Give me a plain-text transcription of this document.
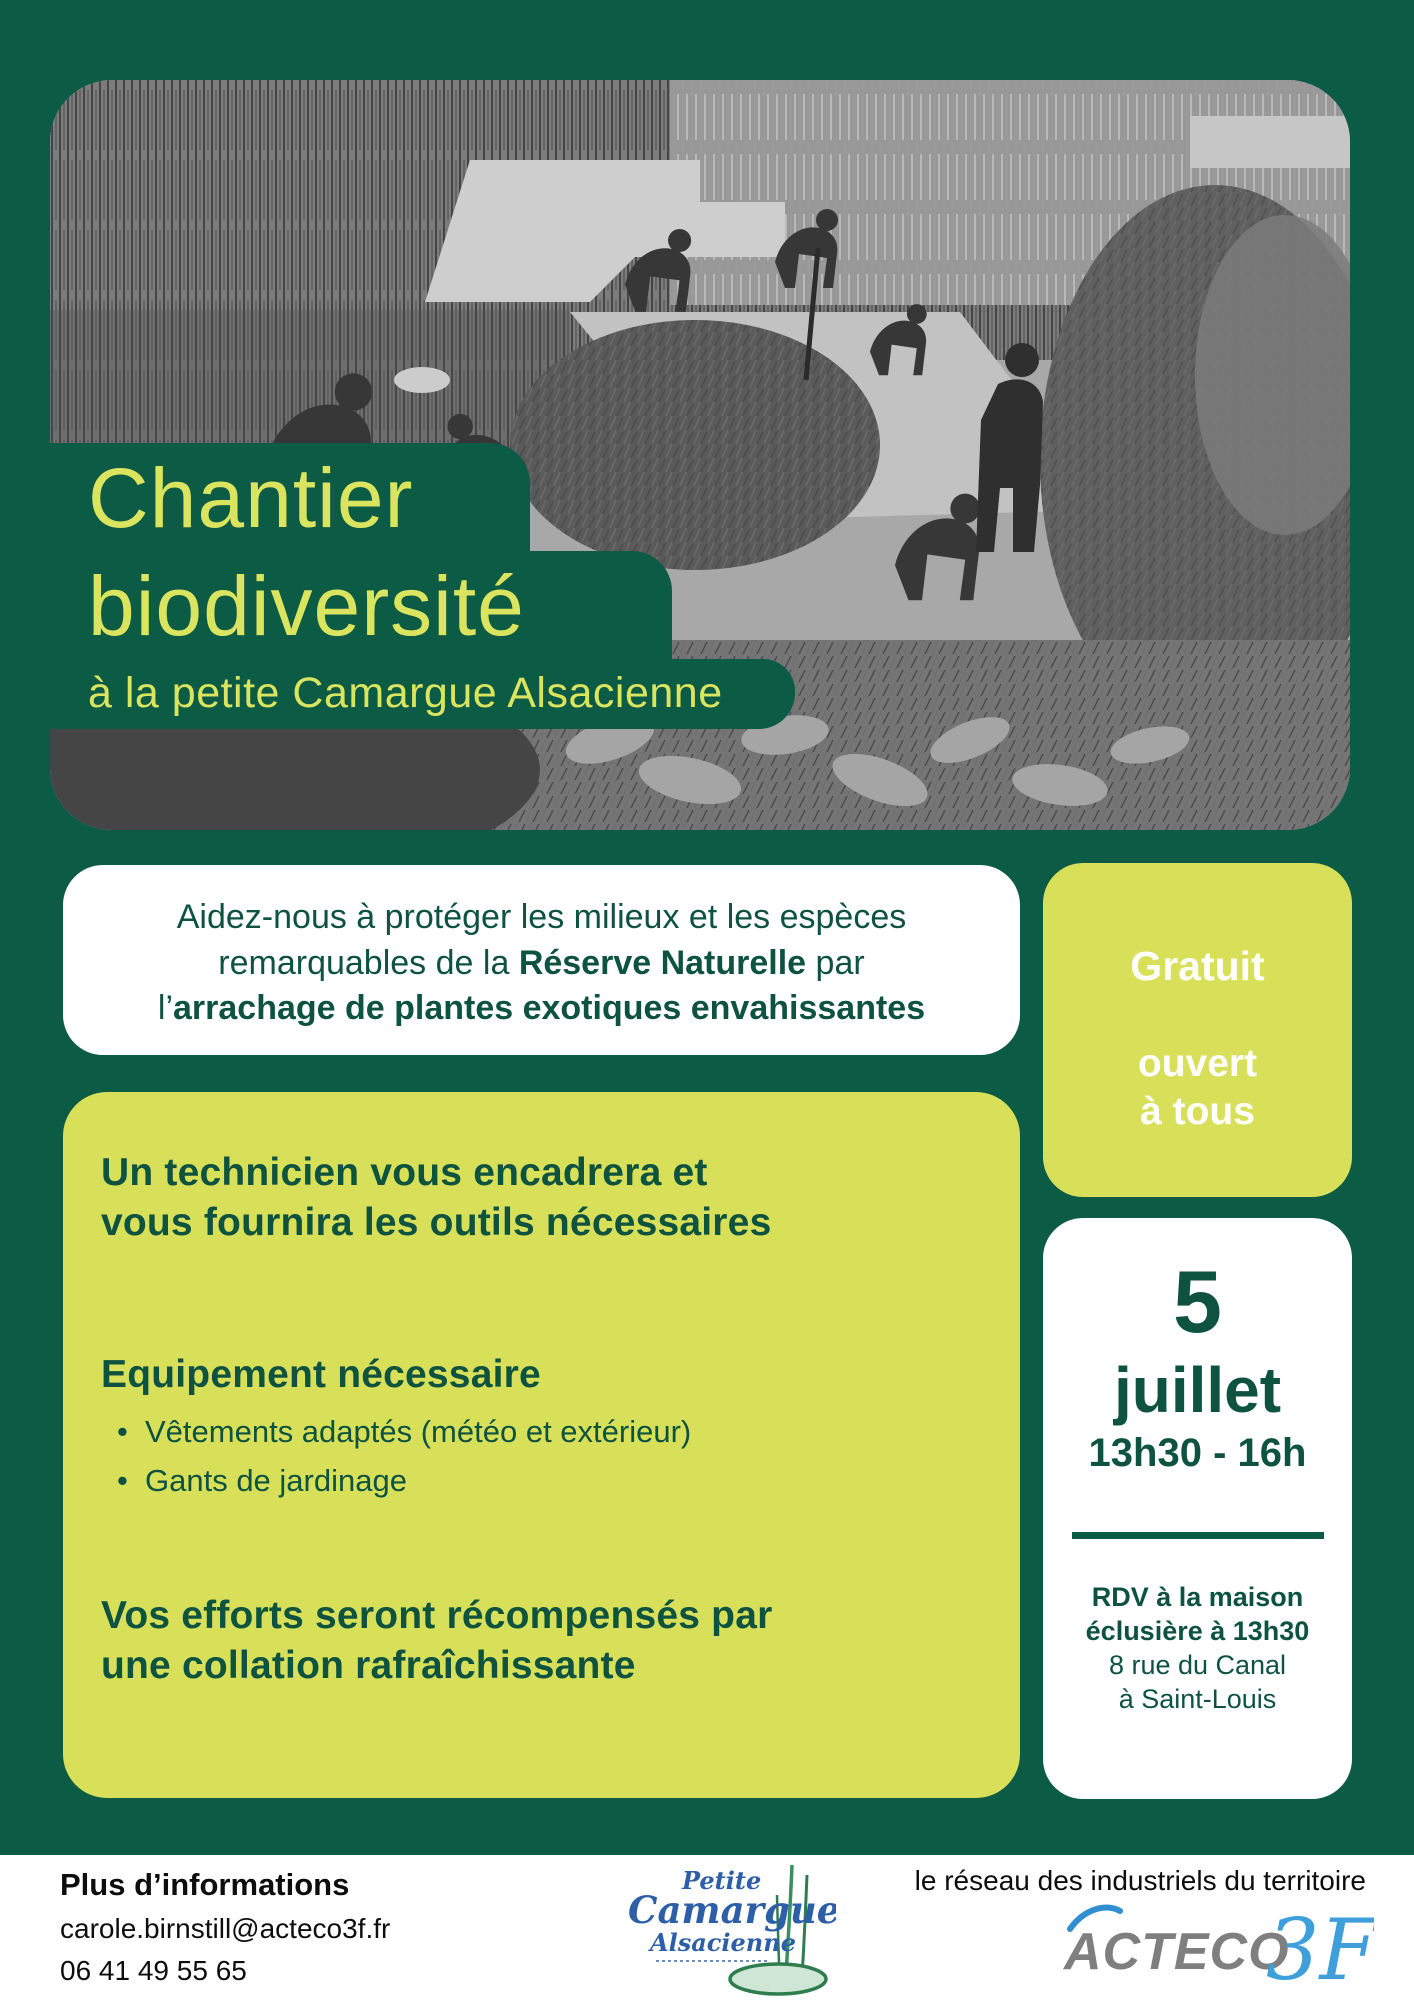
Chantier
biodiversité
à la petite Camargue Alsacienne
Aidez-nous à protéger les milieux et les espèces
remarquables de la Réserve Naturelle par
l’arrachage de plantes exotiques envahissantes
Gratuit
ouvert
à tous
Un technicien vous encadrera et
vous fournira les outils nécessaires
Equipement nécessaire
• Vêtements adaptés (météo et extérieur)
• Gants de jardinage
Vos efforts seront récompensés par
une collation rafraîchissante
5
juillet
13h30 - 16h
RDV à la maison
éclusière à 13h30
8 rue du Canal
à Saint-Louis
Plus d’informations
carole.birnstill@acteco3f.fr
06 41 49 55 65
Petite
Camargue
Alsacienne
le réseau des industriels du territoire
ACTECO
3F
